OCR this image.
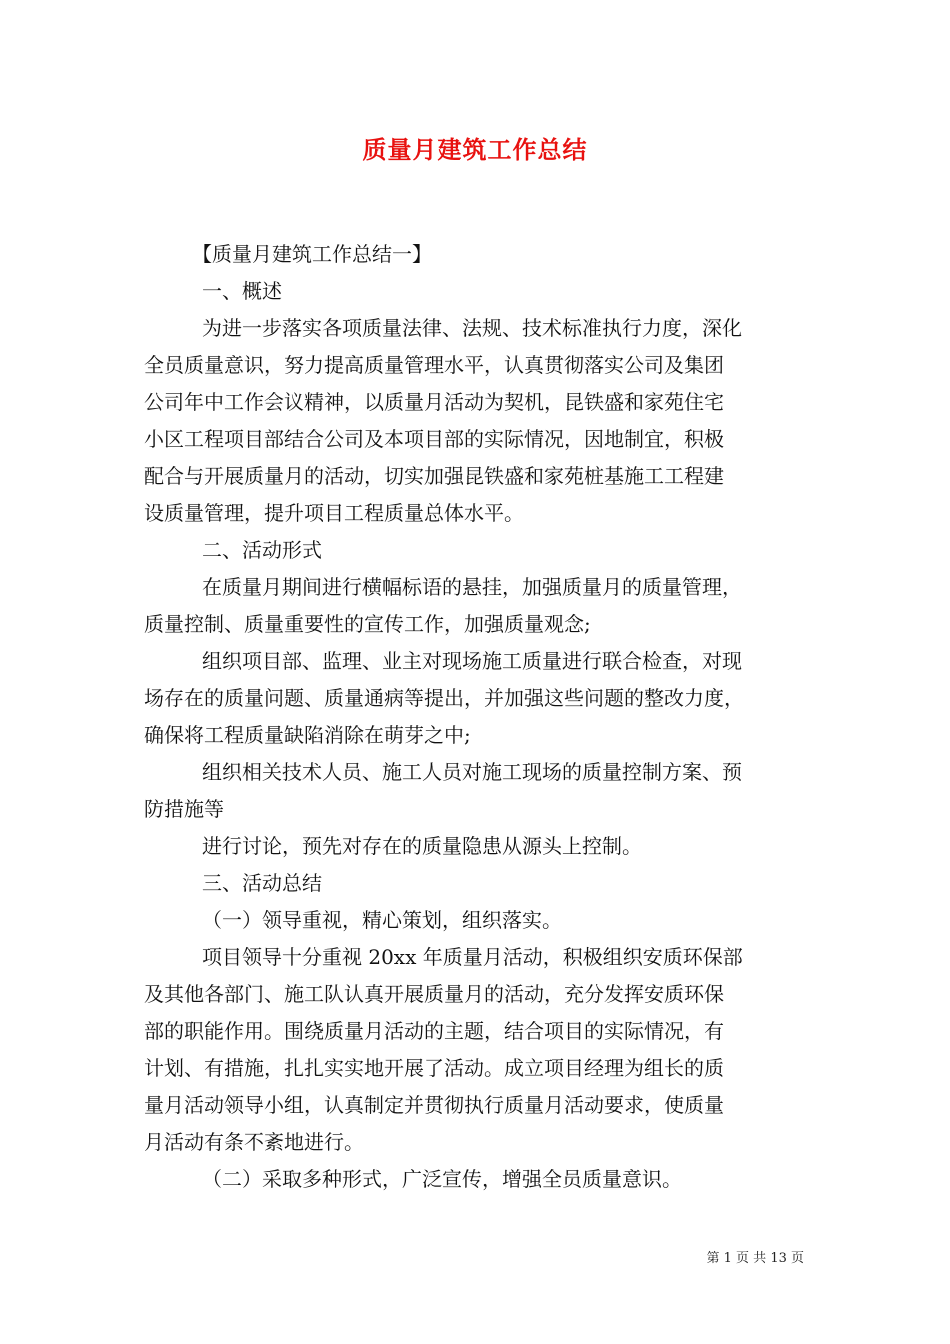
质量月建筑工作总结

【质量月建筑工作总结一】

一、概述

为进一步落实各项质量法律、法规、技术标准执行力度，深化

全员质量意识，努力提高质量管理水平，认真贯彻落实公司及集团

公司年中工作会议精神，以质量月活动为契机，昆铁盛和家苑住宅

小区工程项目部结合公司及本项目部的实际情况，因地制宜，积极

配合与开展质量月的活动，切实加强昆铁盛和家苑桩基施工工程建

设质量管理，提升项目工程质量总体水平。

二、活动形式

在质量月期间进行横幅标语的悬挂，加强质量月的质量管理，

质量控制、质量重要性的宣传工作，加强质量观念;

组织项目部、监理、业主对现场施工质量进行联合检查，对现

场存在的质量问题、质量通病等提出，并加强这些问题的整改力度，

确保将工程质量缺陷消除在萌芽之中;

组织相关技术人员、施工人员对施工现场的质量控制方案、预

防措施等

进行讨论，预先对存在的质量隐患从源头上控制。

三、活动总结

（一）领导重视，精心策划，组织落实。

项目领导十分重视 20xx 年质量月活动，积极组织安质环保部

及其他各部门、施工队认真开展质量月的活动，充分发挥安质环保

部的职能作用。围绕质量月活动的主题，结合项目的实际情况，有

计划、有措施，扎扎实实地开展了活动。成立项目经理为组长的质

量月活动领导小组，认真制定并贯彻执行质量月活动要求，使质量

月活动有条不紊地进行。

（二）采取多种形式，广泛宣传，增强全员质量意识。

第 1 页 共 13 页
